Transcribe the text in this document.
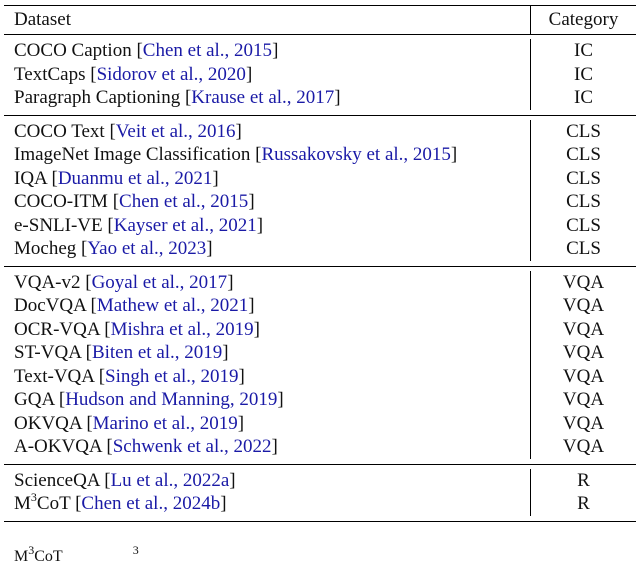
Dataset	Category
COCO Caption [Chen et al., 2015]	IC
TextCaps [Sidorov et al., 2020]	IC
Paragraph Captioning [Krause et al., 2017]	IC
COCO Text [Veit et al., 2016]	CLS
ImageNet Image Classification [Russakovsky et al., 2015]	CLS
IQA [Duanmu et al., 2021]	CLS
COCO-ITM [Chen et al., 2015]	CLS
e-SNLI-VE [Kayser et al., 2021]	CLS
Mocheg [Yao et al., 2023]	CLS
VQA-v2 [Goyal et al., 2017]	VQA
DocVQA [Mathew et al., 2021]	VQA
OCR-VQA [Mishra et al., 2019]	VQA
ST-VQA [Biten et al., 2019]	VQA
Text-VQA [Singh et al., 2019]	VQA
GQA [Hudson and Manning, 2019]	VQA
OKVQA [Marino et al., 2019]	VQA
A-OKVQA [Schwenk et al., 2022]	VQA
ScienceQA [Lu et al., 2022a]	R
$M^3CoT$ [Chen et al., 2024b]	R
$M^3CoT$	$^3$
